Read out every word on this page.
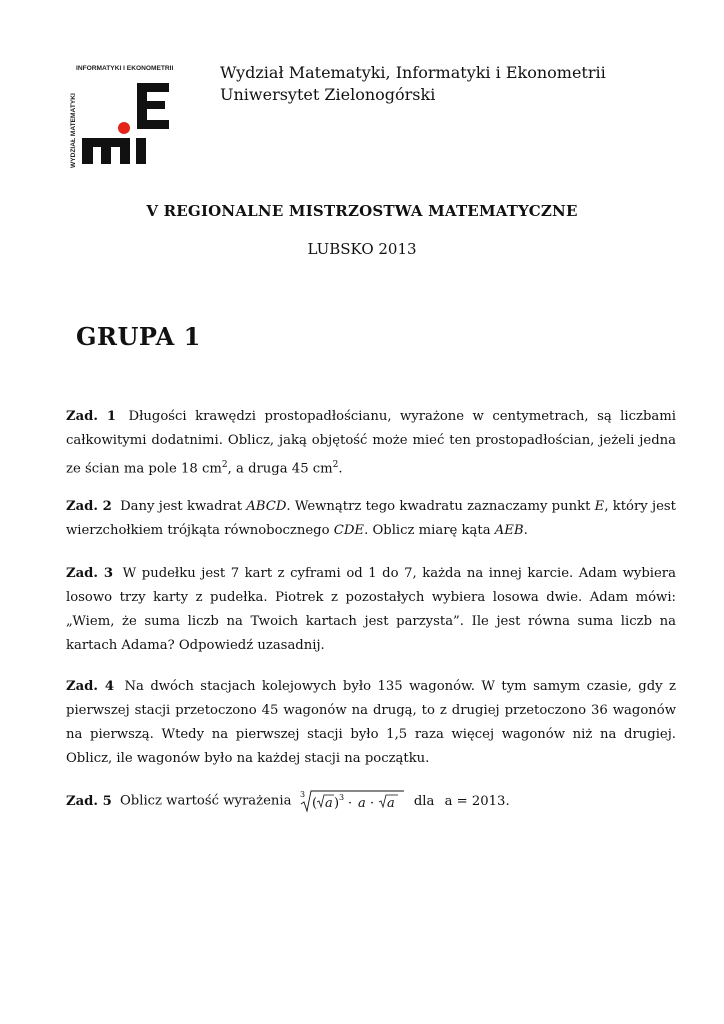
INFORMATYKI I EKONOMETRII
WYDZIAŁ MATEMATYKI
Wydział Matematyki, Informatyki i Ekonometrii
Uniwersytet Zielonogórski
V REGIONALNE MISTRZOSTWA MATEMATYCZNE
LUBSKO 2013
GRUPA 1
Zad. 1 Długości krawędzi prostopadłościanu, wyrażone w centymetrach, są liczbami całkowitymi dodatnimi. Oblicz, jaką objętość może mieć ten prostopadłościan, jeżeli jedna ze ścian ma pole 18 $cm^2$, a druga 45 $cm^2$.
Zad. 2 Dany jest kwadrat ABCD. Wewnątrz tego kwadratu zaznaczamy punkt E, który jest wierzchołkiem trójkąta równobocznego CDE. Oblicz miarę kąta AEB.
Zad. 3 W pudełku jest 7 kart z cyframi od 1 do 7, każda na innej karcie. Adam wybiera losowo trzy karty z pudełka. Piotrek z pozostałych wybiera losowa dwie. Adam mówi: „Wiem, że suma liczb na Twoich kartach jest parzysta”. Ile jest równa suma liczb na kartach Adama? Odpowiedź uzasadnij.
Zad. 4 Na dwóch stacjach kolejowych było 135 wagonów. W tym samym czasie, gdy z pierwszej stacji przetoczono 45 wagonów na drugą, to z drugiej przetoczono 36 wagonów na pierwszą. Wtedy na pierwszej stacji było 1,5 raza więcej wagonów niż na drugiej. Oblicz, ile wagonów było na każdej stacji na początku.
Zad. 5 Oblicz wartość wyrażenia 3
( a ) 3 · a · a dla a = 2013.
